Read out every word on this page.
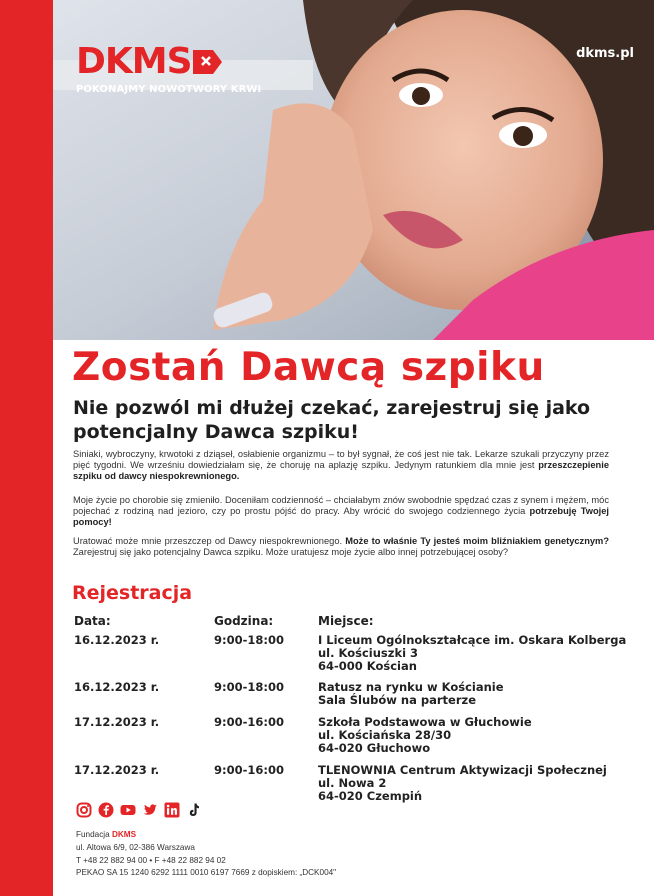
DKMS
POKONAJMY NOWOTWORY KRWI
dkms.pl
Zostań Dawcą szpiku
Nie pozwól mi dłużej czekać, zarejestruj się jako potencjalny Dawca szpiku!

Siniaki, wybroczyny, krwotoki z dziąseł, osłabienie organizmu – to był sygnał, że coś jest nie tak. Lekarze szukali przyczyny przez pięć tygodni. We wrześniu dowiedziałam się, że choruję na aplazję szpiku. Jedynym ratunkiem dla mnie jest przeszczepienie szpiku od dawcy niespokrewnionego.

Moje życie po chorobie się zmieniło. Doceniłam codzienność – chciałabym znów swobodnie spędzać czas z synem i mężem, móc pojechać z rodziną nad jezioro, czy po prostu pójść do pracy. Aby wrócić do swojego codziennego życia potrzebuję Twojej pomocy!

Uratować może mnie przeszczep od Dawcy niespokrewnionego. Może to właśnie Ty jesteś moim bliźniakiem genetycznym? Zarejestruj się jako potencjalny Dawca szpiku. Może uratujesz moje życie albo innej potrzebującej osoby?

Rejestracja
Data:	Godzina:	Miejsce:
16.12.2023 r.	9:00-18:00	I Liceum Ogólnokształcące im. Oskara Kolberga
ul. Kościuszki 3
64-000 Kościan
16.12.2023 r.	9:00-18:00	Ratusz na rynku w Kościanie
Sala Ślubów na parterze
17.12.2023 r.	9:00-16:00	Szkoła Podstawowa w Głuchowie
ul. Kościańska 28/30
64-020 Głuchowo
17.12.2023 r.	9:00-16:00	TLENOWNIA Centrum Aktywizacji Społecznej
ul. Nowa 2
64-020 Czempiń
Fundacja DKMS
ul. Altowa 6/9, 02-386 Warszawa
T +48 22 882 94 00 • F +48 22 882 94 02
PEKAO SA 15 1240 6292 1111 0010 6197 7669 z dopiskiem: „DCK004"
